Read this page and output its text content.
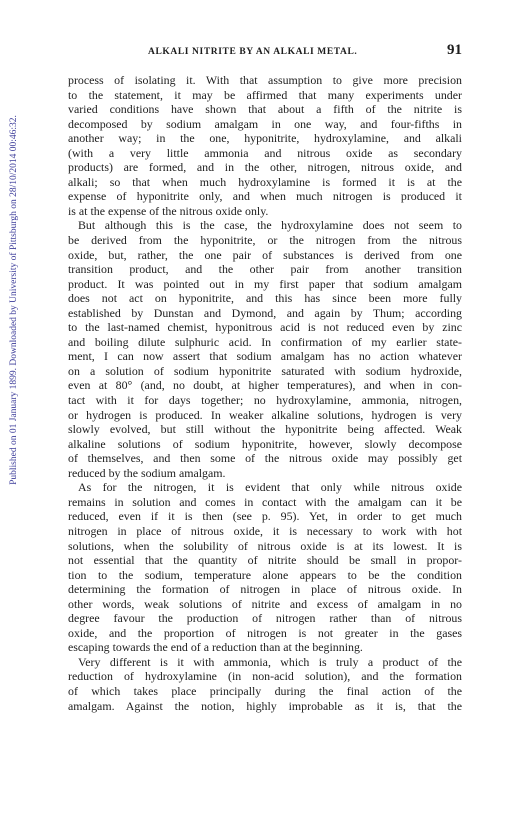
ALKALI NITRITE BY AN ALKALI METAL.	91
Published on 01 January 1899. Downloaded by University of Pittsburgh on 28/10/2014 00:46:32.
process of isolating it. With that assumption to give more precision
to the statement, it may be affirmed that many experiments under
varied conditions have shown that about a fifth of the nitrite is
decomposed by sodium amalgam in one way, and four-fifths in
another way; in the one, hyponitrite, hydroxylamine, and alkali
(with a very little ammonia and nitrous oxide as secondary
products) are formed, and in the other, nitrogen, nitrous oxide, and
alkali; so that when much hydroxylamine is formed it is at the
expense of hyponitrite only, and when much nitrogen is produced it
is at the expense of the nitrous oxide only.
But although this is the case, the hydroxylamine does not seem to
be derived from the hyponitrite, or the nitrogen from the nitrous
oxide, but, rather, the one pair of substances is derived from one
transition product, and the other pair from another transition
product. It was pointed out in my first paper that sodium amalgam
does not act on hyponitrite, and this has since been more fully
established by Dunstan and Dymond, and again by Thum; according
to the last-named chemist, hyponitrous acid is not reduced even by zinc
and boiling dilute sulphuric acid. In confirmation of my earlier state-
ment, I can now assert that sodium amalgam has no action whatever
on a solution of sodium hyponitrite saturated with sodium hydroxide,
even at 80° (and, no doubt, at higher temperatures), and when in con-
tact with it for days together; no hydroxylamine, ammonia, nitrogen,
or hydrogen is produced. In weaker alkaline solutions, hydrogen is very
slowly evolved, but still without the hyponitrite being affected. Weak
alkaline solutions of sodium hyponitrite, however, slowly decompose
of themselves, and then some of the nitrous oxide may possibly get
reduced by the sodium amalgam.
As for the nitrogen, it is evident that only while nitrous oxide
remains in solution and comes in contact with the amalgam can it be
reduced, even if it is then (see p. 95). Yet, in order to get much
nitrogen in place of nitrous oxide, it is necessary to work with hot
solutions, when the solubility of nitrous oxide is at its lowest. It is
not essential that the quantity of nitrite should be small in propor-
tion to the sodium, temperature alone appears to be the condition
determining the formation of nitrogen in place of nitrous oxide. In
other words, weak solutions of nitrite and excess of amalgam in no
degree favour the production of nitrogen rather than of nitrous
oxide, and the proportion of nitrogen is not greater in the gases
escaping towards the end of a reduction than at the beginning.
Very different is it with ammonia, which is truly a product of the
reduction of hydroxylamine (in non-acid solution), and the formation
of which takes place principally during the final action of the
amalgam. Against the notion, highly improbable as it is, that the
